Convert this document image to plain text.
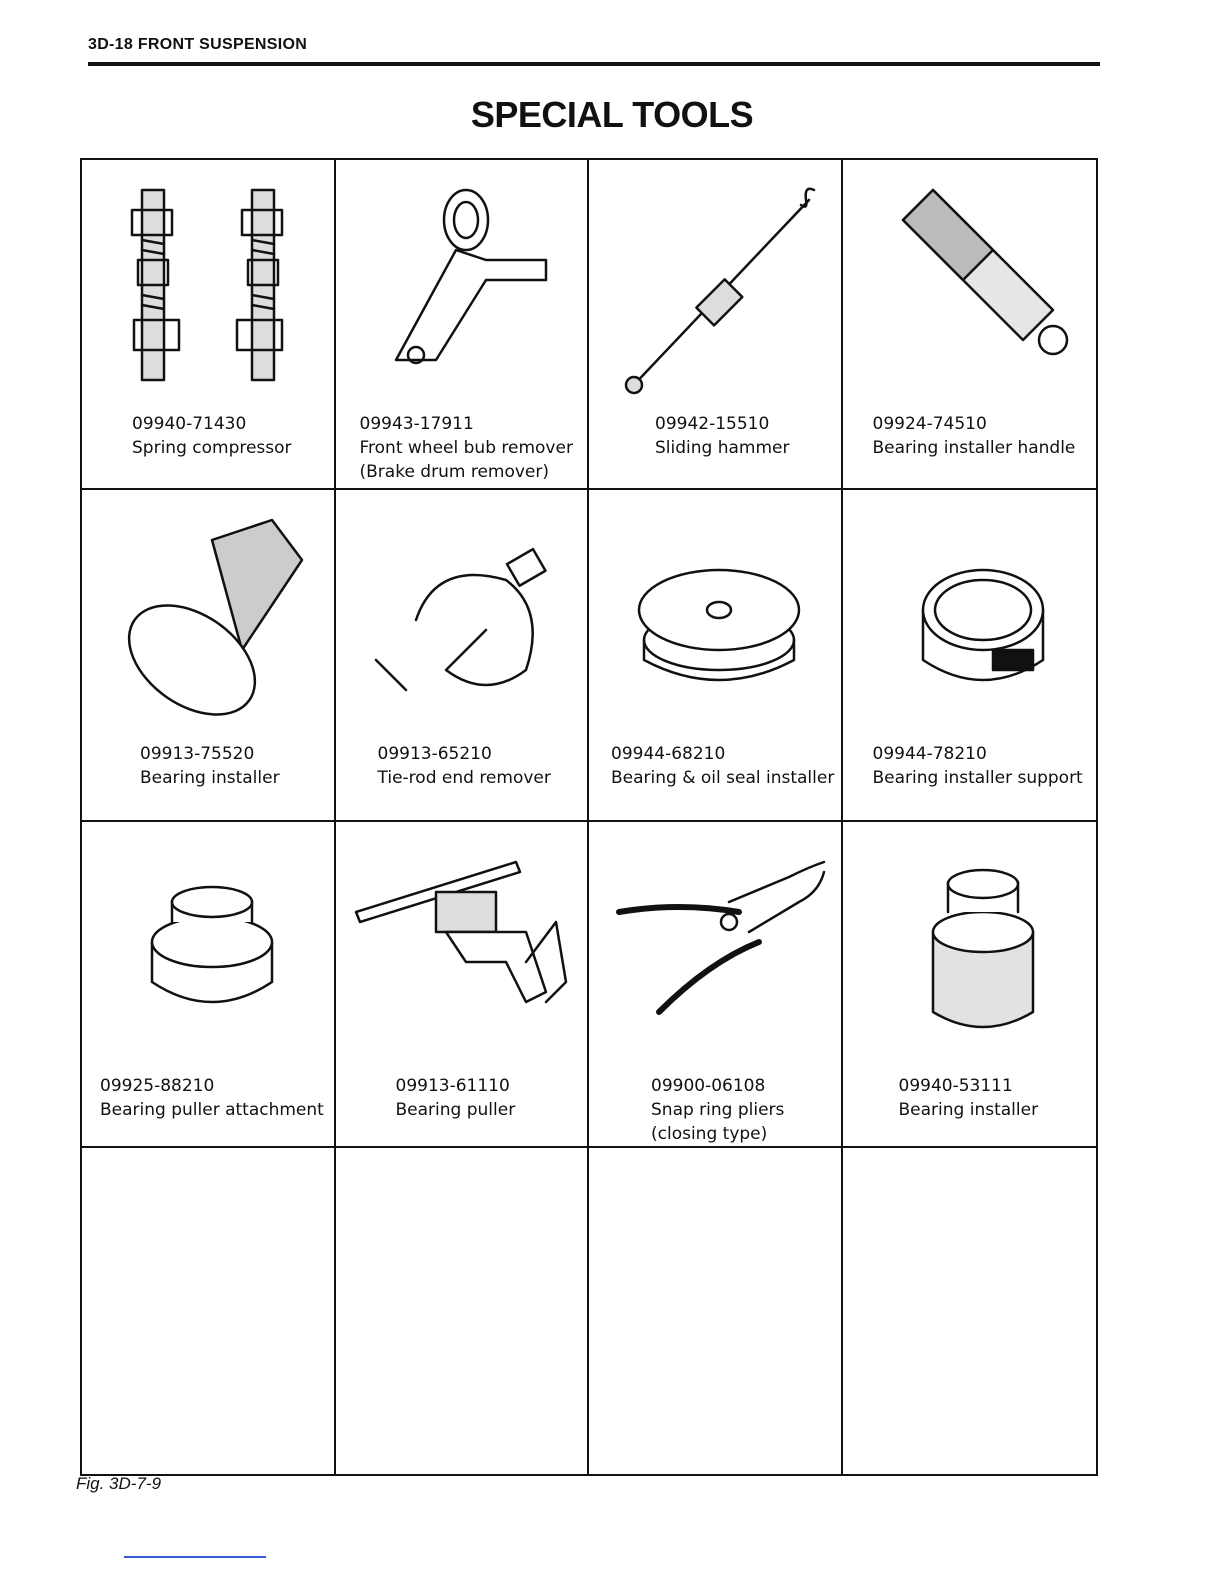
3D-18 FRONT SUSPENSION
SPECIAL TOOLS
09940-71430
Spring compressor
09943-17911
Front wheel bub remover
(Brake drum remover)
09942-15510
Sliding hammer
09924-74510
Bearing installer handle
09913-75520
Bearing installer
09913-65210
Tie-rod end remover
09944-68210
Bearing & oil seal installer
09944-78210
Bearing installer support
09925-88210
Bearing puller attachment
09913-61110
Bearing puller
09900-06108
Snap ring pliers
(closing type)
09940-53111
Bearing installer
Fig. 3D-7-9
